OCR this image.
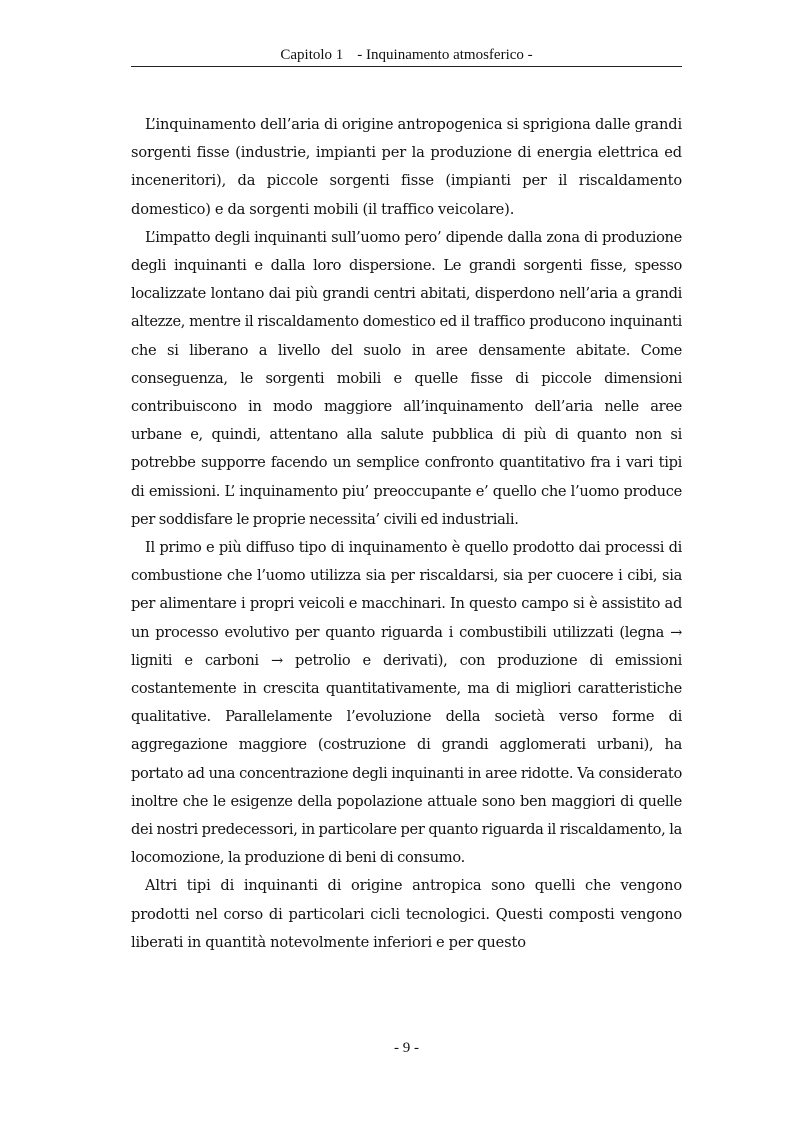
Capitolo 1 - Inquinamento atmosferico -

L’inquinamento dell’aria di origine antropogenica si sprigiona dalle grandi sorgenti fisse (industrie, impianti per la produzione di energia elettrica ed inceneritori), da piccole sorgenti fisse (impianti per il riscaldamento domestico) e da sorgenti mobili (il traffico veicolare).

L’impatto degli inquinanti sull’uomo pero’ dipende dalla zona di produzione degli inquinanti e dalla loro dispersione. Le grandi sorgenti fisse, spesso localizzate lontano dai più grandi centri abitati, disperdono nell’aria a grandi altezze, mentre il riscaldamento domestico ed il traffico producono inquinanti che si liberano a livello del suolo in aree densamente abitate. Come conseguenza, le sorgenti mobili e quelle fisse di piccole dimensioni contribuiscono in modo maggiore all’inquinamento dell’aria nelle aree urbane e, quindi, attentano alla salute pubblica di più di quanto non si potrebbe supporre facendo un semplice confronto quantitativo fra i vari tipi di emissioni. L’ inquinamento piu’ preoccupante e’ quello che l’uomo produce per soddisfare le proprie necessita’ civili ed industriali.

Il primo e più diffuso tipo di inquinamento è quello prodotto dai processi di combustione che l’uomo utilizza sia per riscaldarsi, sia per cuocere i cibi, sia per alimentare i propri veicoli e macchinari. In questo campo si è assistito ad un processo evolutivo per quanto riguarda i combustibili utilizzati (legna → ligniti e carboni → petrolio e derivati), con produzione di emissioni costantemente in crescita quantitativamente, ma di migliori caratteristiche qualitative. Parallelamente l’evoluzione della società verso forme di aggregazione maggiore (costruzione di grandi agglomerati urbani), ha portato ad una concentrazione degli inquinanti in aree ridotte. Va considerato inoltre che le esigenze della popolazione attuale sono ben maggiori di quelle dei nostri predecessori, in particolare per quanto riguarda il riscaldamento, la locomozione, la produzione di beni di consumo.

Altri tipi di inquinanti di origine antropica sono quelli che vengono prodotti nel corso di particolari cicli tecnologici. Questi composti vengono liberati in quantità notevolmente inferiori e per questo

- 9 -
